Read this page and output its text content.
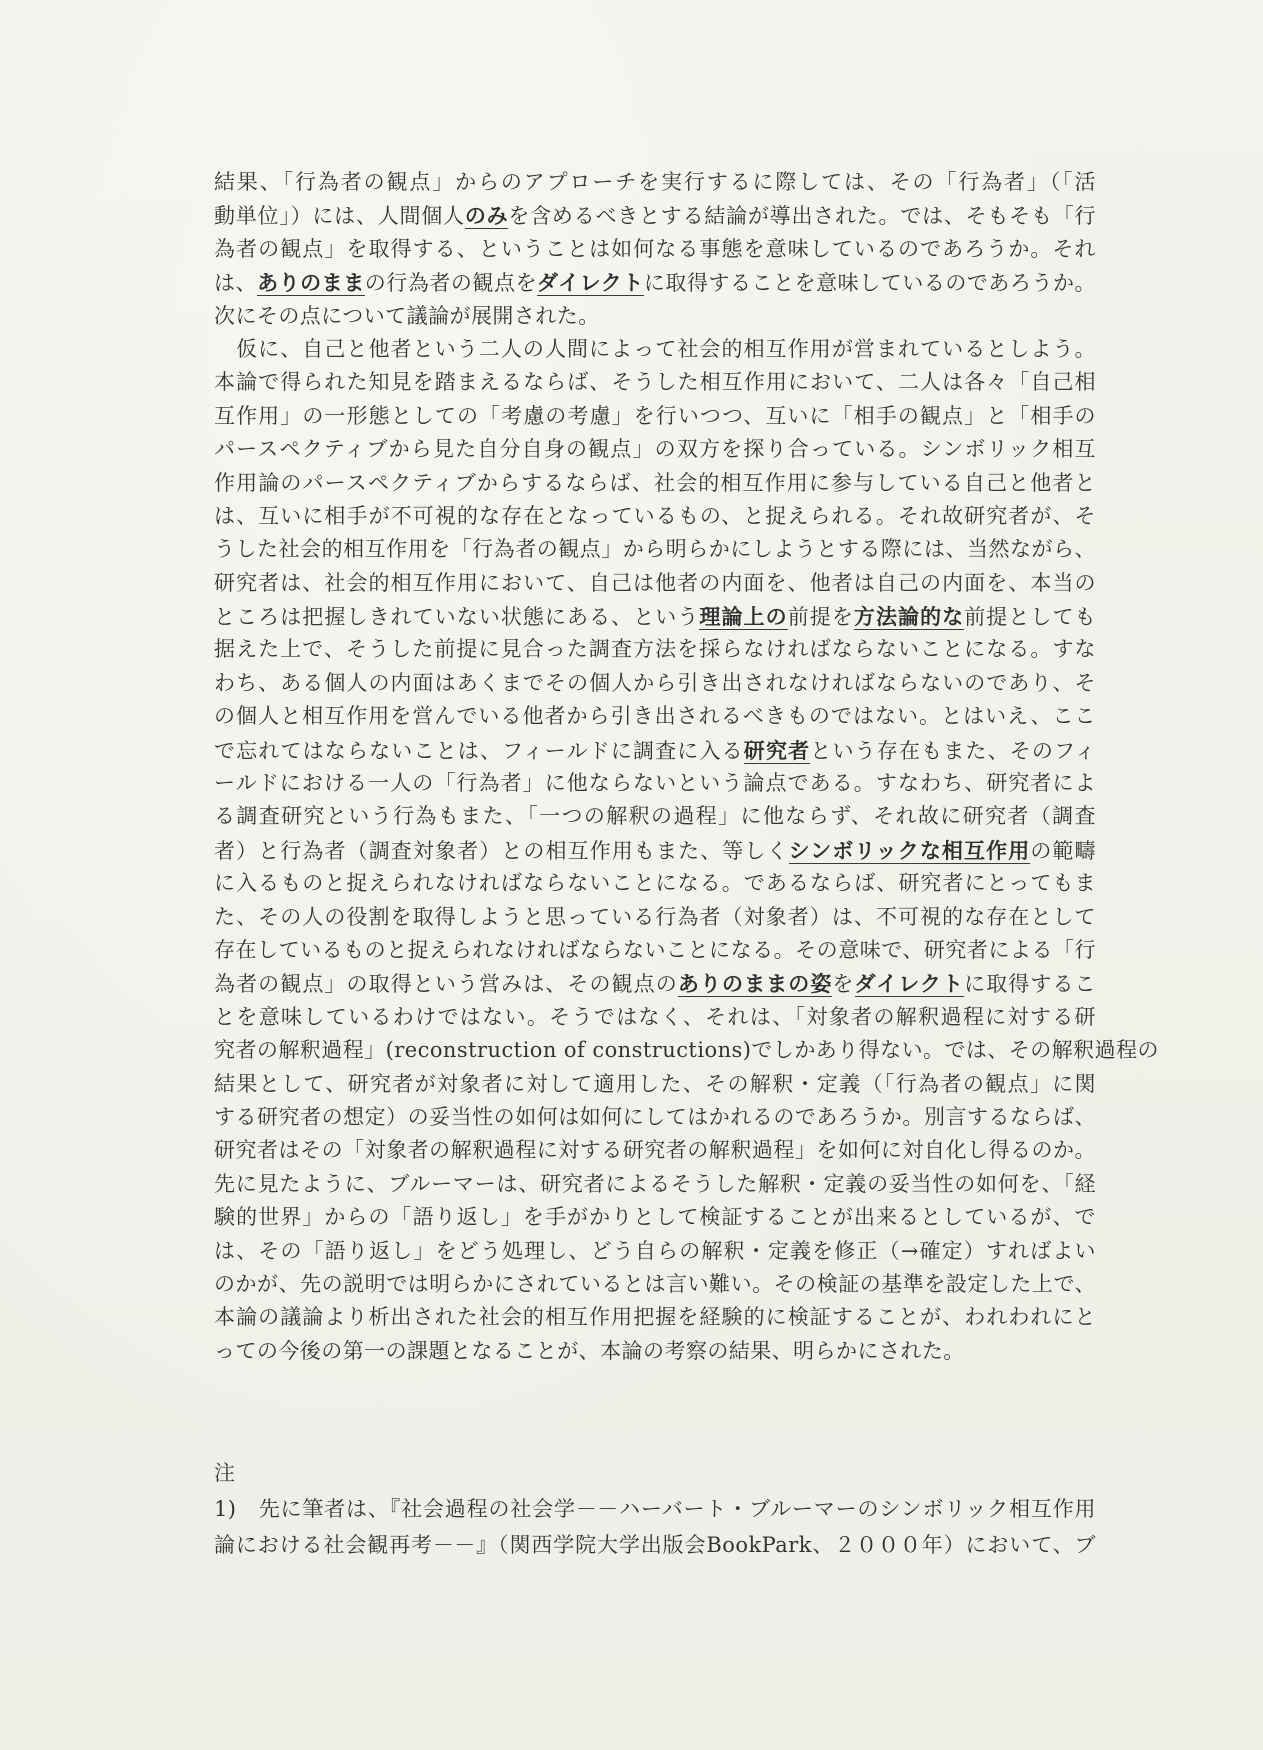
結果、「行為者の観点」からのアプローチを実行するに際しては、その「行為者」（「活
動単位」）には、人間個人のみを含めるべきとする結論が導出された。では、そもそも「行
為者の観点」を取得する、ということは如何なる事態を意味しているのであろうか。それ
は、ありのままの行為者の観点をダイレクトに取得することを意味しているのであろうか。
次にその点について議論が展開された。
　仮に、自己と他者という二人の人間によって社会的相互作用が営まれているとしよう。
本論で得られた知見を踏まえるならば、そうした相互作用において、二人は各々「自己相
互作用」の一形態としての「考慮の考慮」を行いつつ、互いに「相手の観点」と「相手の
パースペクティブから見た自分自身の観点」の双方を探り合っている。シンボリック相互
作用論のパースペクティブからするならば、社会的相互作用に参与している自己と他者と
は、互いに相手が不可視的な存在となっているもの、と捉えられる。それ故研究者が、そ
うした社会的相互作用を「行為者の観点」から明らかにしようとする際には、当然ながら、
研究者は、社会的相互作用において、自己は他者の内面を、他者は自己の内面を、本当の
ところは把握しきれていない状態にある、という理論上の前提を方法論的な前提としても
据えた上で、そうした前提に見合った調査方法を採らなければならないことになる。すな
わち、ある個人の内面はあくまでその個人から引き出されなければならないのであり、そ
の個人と相互作用を営んでいる他者から引き出されるべきものではない。とはいえ、ここ
で忘れてはならないことは、フィールドに調査に入る研究者という存在もまた、そのフィ
ールドにおける一人の「行為者」に他ならないという論点である。すなわち、研究者によ
る調査研究という行為もまた、「一つの解釈の過程」に他ならず、それ故に研究者（調査
者）と行為者（調査対象者）との相互作用もまた、等しくシンボリックな相互作用の範疇
に入るものと捉えられなければならないことになる。であるならば、研究者にとってもま
た、その人の役割を取得しようと思っている行為者（対象者）は、不可視的な存在として
存在しているものと捉えられなければならないことになる。その意味で、研究者による「行
為者の観点」の取得という営みは、その観点のありのままの姿をダイレクトに取得するこ
とを意味しているわけではない。そうではなく、それは、「対象者の解釈過程に対する研
究者の解釈過程」(reconstruction of constructions)でしかあり得ない。では、その解釈過程の
結果として、研究者が対象者に対して適用した、その解釈・定義（「行為者の観点」に関
する研究者の想定）の妥当性の如何は如何にしてはかれるのであろうか。別言するならば、
研究者はその「対象者の解釈過程に対する研究者の解釈過程」を如何に対自化し得るのか。
先に見たように、ブルーマーは、研究者によるそうした解釈・定義の妥当性の如何を、「経
験的世界」からの「語り返し」を手がかりとして検証することが出来るとしているが、で
は、その「語り返し」をどう処理し、どう自らの解釈・定義を修正（→確定）すればよい
のかが、先の説明では明らかにされているとは言い難い。その検証の基準を設定した上で、
本論の議論より析出された社会的相互作用把握を経験的に検証することが、われわれにと
っての今後の第一の課題となることが、本論の考察の結果、明らかにされた。
注
1)　先に筆者は、『社会過程の社会学－－ハーバート・ブルーマーのシンボリック相互作用
論における社会観再考－－』（関西学院大学出版会BookPark、２０００年）において、ブ
